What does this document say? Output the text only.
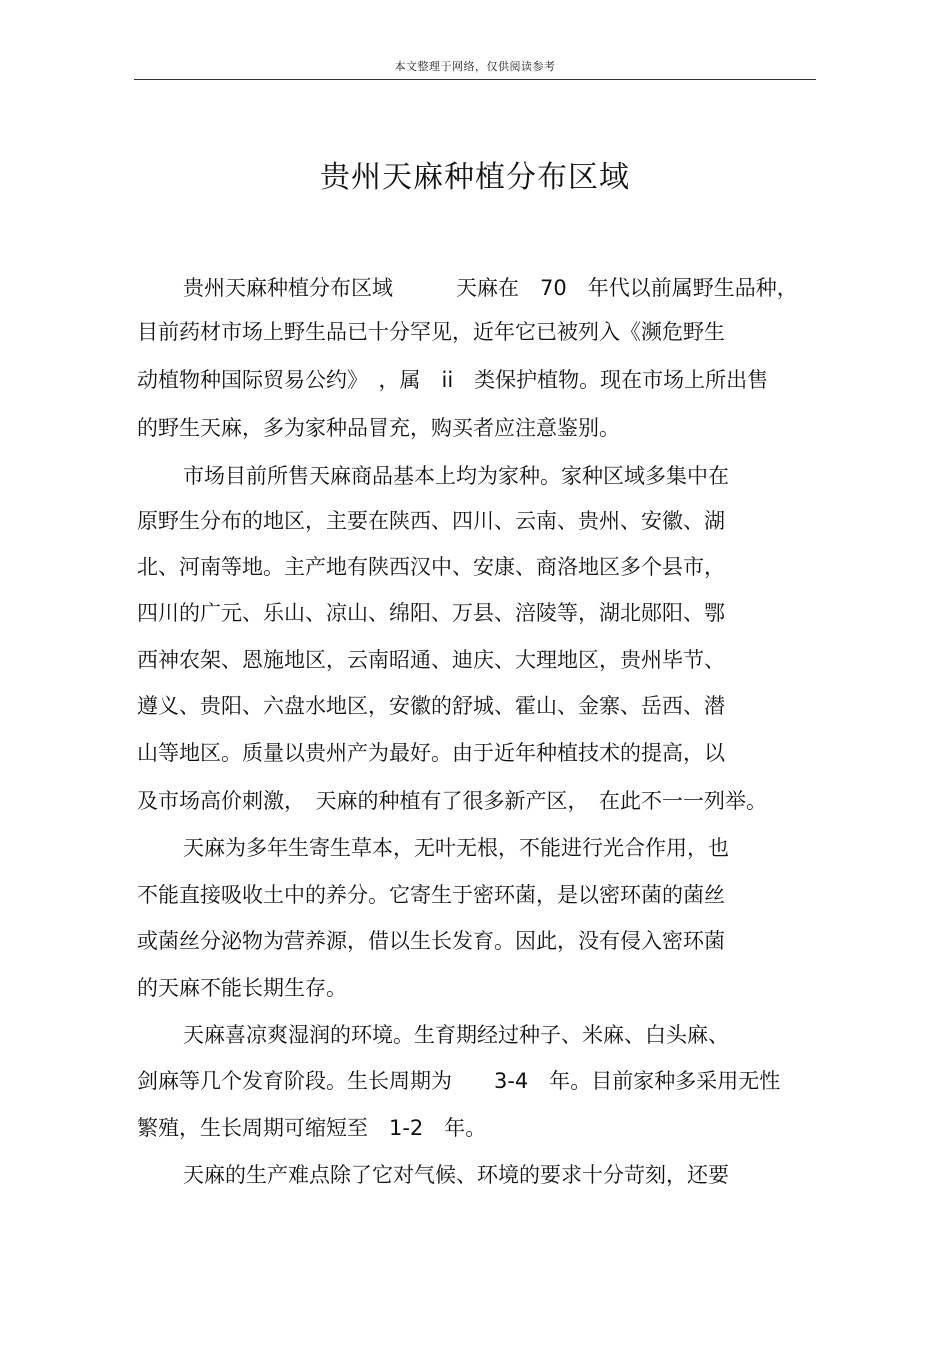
本文整理于网络，仅供阅读参考
贵州天麻种植分布区域
贵州天麻种植分布区域　　　天麻在　70　年代以前属野生品种，
目前药材市场上野生品已十分罕见，近年它已被列入《濒危野生
动植物种国际贸易公约》　，属　ii　类保护植物。现在市场上所出售
的野生天麻，多为家种品冒充，购买者应注意鉴别。
市场目前所售天麻商品基本上均为家种。家种区域多集中在
原野生分布的地区，主要在陕西、四川、云南、贵州、安徽、湖
北、河南等地。主产地有陕西汉中、安康、商洛地区多个县市，
四川的广元、乐山、凉山、绵阳、万县、涪陵等，湖北郧阳、鄂
西神农架、恩施地区，云南昭通、迪庆、大理地区，贵州毕节、
遵义、贵阳、六盘水地区，安徽的舒城、霍山、金寨、岳西、潜
山等地区。质量以贵州产为最好。由于近年种植技术的提高，以
及市场高价刺激，　天麻的种植有了很多新产区，　在此不一一列举。
天麻为多年生寄生草本，无叶无根，不能进行光合作用，也
不能直接吸收土中的养分。它寄生于密环菌，是以密环菌的菌丝
或菌丝分泌物为营养源，借以生长发育。因此，没有侵入密环菌
的天麻不能长期生存。
天麻喜凉爽湿润的环境。生育期经过种子、米麻、白头麻、
剑麻等几个发育阶段。生长周期为　　3-4　年。目前家种多采用无性
繁殖，生长周期可缩短至　1-2　年。
天麻的生产难点除了它对气候、环境的要求十分苛刻，还要
